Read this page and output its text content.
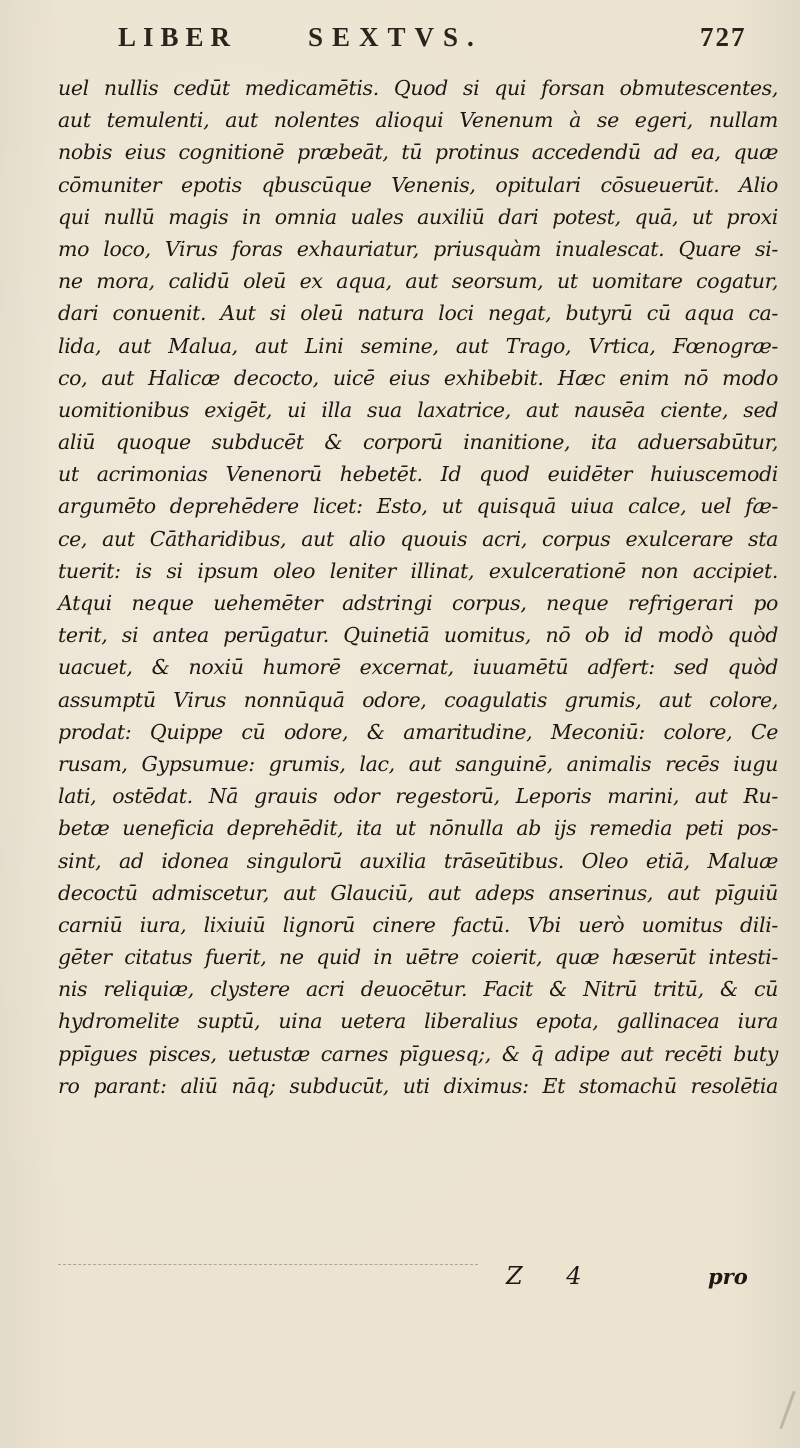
LIBER	SEXTVS.	727
uel nullis cedūt medicamētis. Quod si qui forsan obmutescentes,
aut temulenti, aut nolentes alioqui Venenum à se egeri, nullam
nobis eius cognitionē præbeāt, tū protinus accedendū ad ea, quæ
cōmuniter epotis qbuscūque Venenis, opitulari cōsueuerūt. Alio
qui nullū magis in omnia uales auxiliū dari potest, quā, ut proxi
mo loco, Virus foras exhauriatur, priusquàm inualescat. Quare si-
ne mora, calidū oleū ex aqua, aut seorsum, ut uomitare cogatur,
dari conuenit. Aut si oleū natura loci negat, butyrū cū aqua ca-
lida, aut Malua, aut Lini semine, aut Trago, Vrtica, Fœnogræ-
co, aut Halicæ decocto, uicē eius exhibebit. Hæc enim nō modo
uomitionibus exigēt, ui illa sua laxatrice, aut nausēa ciente, sed
aliū quoque subducēt & corporū inanitione, ita aduersabūtur,
ut acrimonias Venenorū hebetēt. Id quod euidēter huiuscemodi
argumēto deprehēdere licet: Esto, ut quisquā uiua calce, uel fæ-
ce, aut Cātharidibus, aut alio quouis acri, corpus exulcerare sta
tuerit: is si ipsum oleo leniter illinat, exulcerationē non accipiet.
Atqui neque uehemēter adstringi corpus, neque refrigerari po
terit, si antea perūgatur. Quinetiā uomitus, nō ob id modò quòd
uacuet, & noxiū humorē excernat, iuuamētū adfert: sed quòd
assumptū Virus nonnūquā odore, coagulatis grumis, aut colore,
prodat: Quippe cū odore, & amaritudine, Meconiū: colore, Ce
rusam, Gypsumue: grumis, lac, aut sanguinē, animalis recēs iugu
lati, ostēdat. Nā grauis odor regestorū, Leporis marini, aut Ru-
betæ ueneficia deprehēdit, ita ut nōnulla ab ijs remedia peti pos-
sint, ad idonea singulorū auxilia trāseūtibus. Oleo etiā, Maluæ
decoctū admiscetur, aut Glauciū, aut adeps anserinus, aut pīguiū
carniū iura, lixiuiū lignorū cinere factū. Vbi uerò uomitus dili-
gēter citatus fuerit, ne quid in uētre coierit, quæ hæserūt intesti-
nis reliquiæ, clystere acri deuocētur. Facit & Nitrū tritū, & cū
hydromelite suptū, uina uetera liberalius epota, gallinacea iura
ppīgues pisces, uetustæ carnes pīguesq;, & q̄ adipe aut recēti buty
ro parant: aliū nāq; subducūt, uti diximus: Et stomachū resolētia
Z 4	pro
